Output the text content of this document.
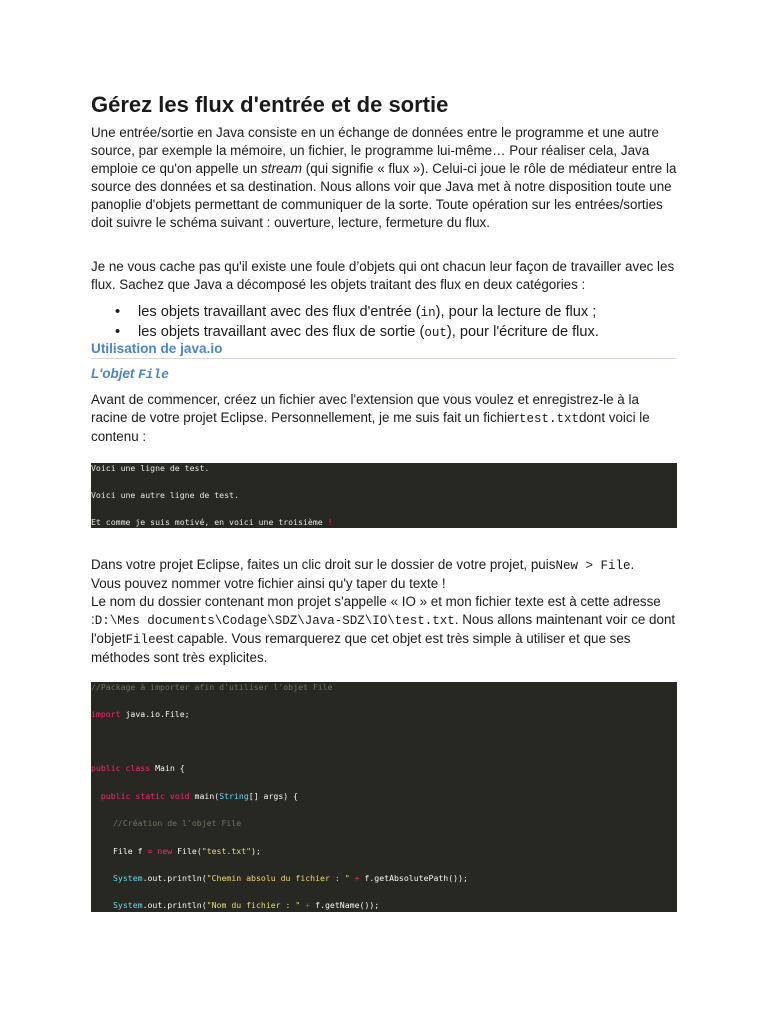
Gérez les flux d'entrée et de sortie

Une entrée/sortie en Java consiste en un échange de données entre le programme et une autre source, par exemple la mémoire, un fichier, le programme lui-même… Pour réaliser cela, Java emploie ce qu'on appelle un stream (qui signifie « flux »). Celui-ci joue le rôle de médiateur entre la source des données et sa destination. Nous allons voir que Java met à notre disposition toute une panoplie d'objets permettant de communiquer de la sorte. Toute opération sur les entrées/sorties doit suivre le schéma suivant : ouverture, lecture, fermeture du flux.

Je ne vous cache pas qu'il existe une foule d’objets qui ont chacun leur façon de travailler avec les flux. Sachez que Java a décomposé les objets traitant des flux en deux catégories :

• les objets travaillant avec des flux d'entrée (in), pour la lecture de flux ;
• les objets travaillant avec des flux de sortie (out), pour l'écriture de flux.
Utilisation de java.io
L'objet File

Avant de commencer, créez un fichier avec l'extension que vous voulez et enregistrez-le à la racine de votre projet Eclipse. Personnellement, je me suis fait un fichiertest.txtdont voici le contenu :

Voici une ligne de test.
Voici une autre ligne de test.
Et comme je suis motivé, en voici une troisième !

Dans votre projet Eclipse, faites un clic droit sur le dossier de votre projet, puisNew > File.
Vous pouvez nommer votre fichier ainsi qu'y taper du texte !
Le nom du dossier contenant mon projet s'appelle « IO » et mon fichier texte est à cette adresse :D:\Mes documents\Codage\SDZ\Java-SDZ\IO\test.txt. Nous allons maintenant voir ce dont l'objetFileest capable. Vous remarquerez que cet objet est très simple à utiliser et que ses méthodes sont très explicites.

//Package à importer afin d'utiliser l'objet File
import java.io.File;
public class Main {
public static void main(String[] args) {
//Création de l'objet File
File f = new File("test.txt");
System.out.println("Chemin absolu du fichier : " + f.getAbsolutePath());
System.out.println("Nom du fichier : " + f.getName());
